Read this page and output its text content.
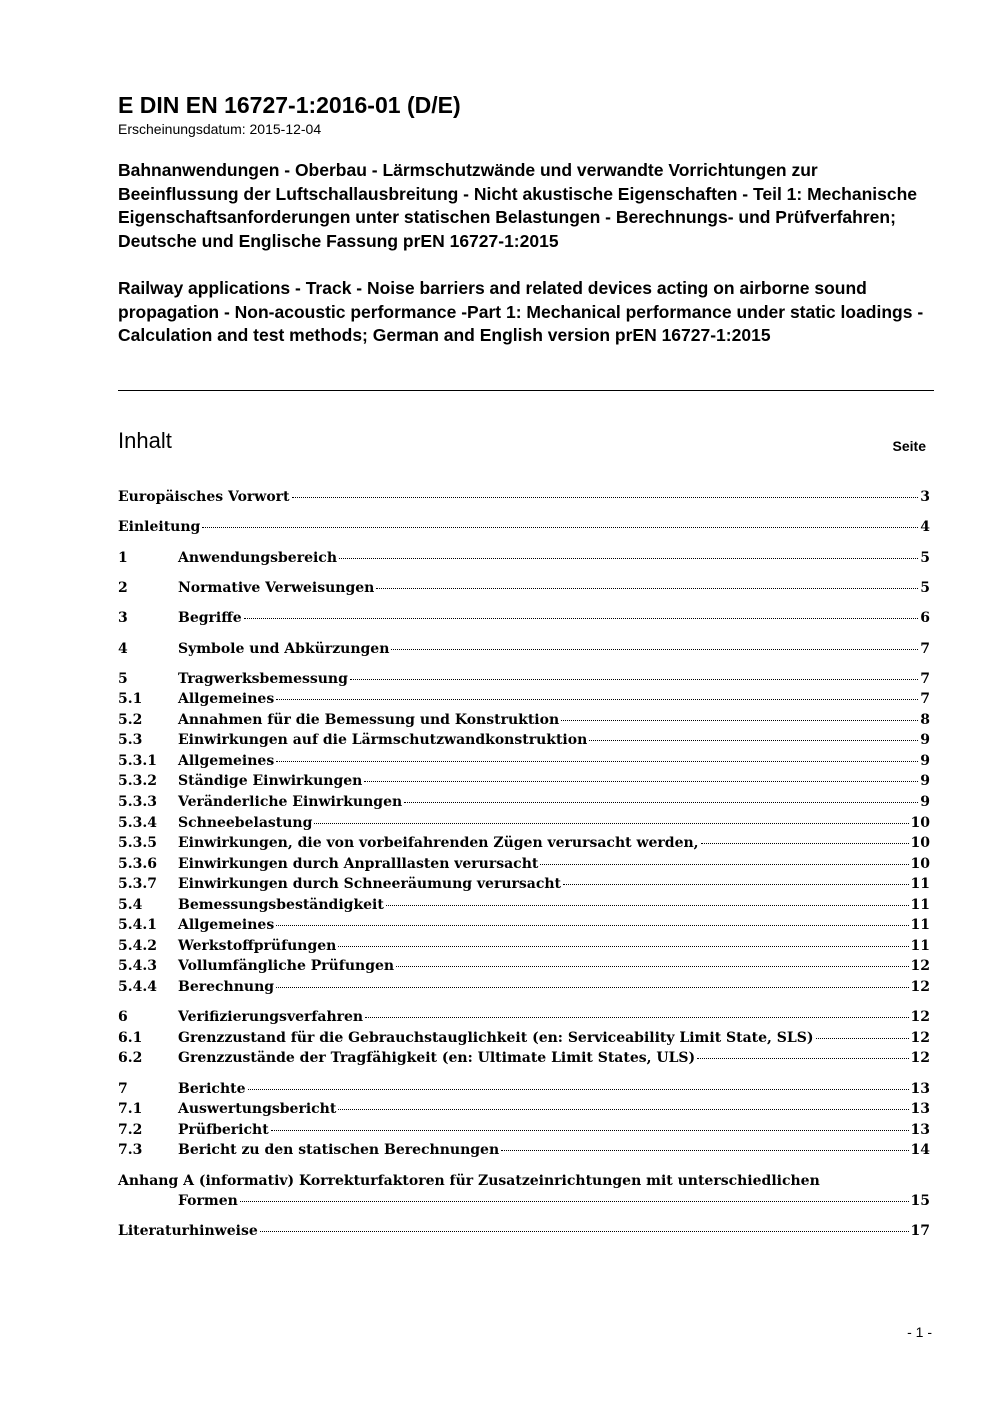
E DIN EN 16727-1:2016-01 (D/E)

Erscheinungsdatum: 2015-12-04

Bahnanwendungen - Oberbau - Lärmschutzwände und verwandte Vorrichtungen zur Beeinflussung der Luftschallausbreitung - Nicht akustische Eigenschaften - Teil 1: Mechanische Eigenschaftsanforderungen unter statischen Belastungen - Berechnungs- und Prüfverfahren; Deutsche und Englische Fassung prEN 16727-1:2015

Railway applications - Track - Noise barriers and related devices acting on airborne sound propagation - Non-acoustic performance -Part 1: Mechanical performance under static loadings - Calculation and test methods; German and English version prEN 16727-1:2015

Inhalt	Seite
Europäisches Vorwort	3
Einleitung	4
1	Anwendungsbereich	5
2	Normative Verweisungen	5
3	Begriffe	6
4	Symbole und Abkürzungen	7
5	Tragwerksbemessung	7
5.1	Allgemeines	7
5.2	Annahmen für die Bemessung und Konstruktion	8
5.3	Einwirkungen auf die Lärmschutzwandkonstruktion	9
5.3.1	Allgemeines	9
5.3.2	Ständige Einwirkungen	9
5.3.3	Veränderliche Einwirkungen	9
5.3.4	Schneebelastung	10
5.3.5	Einwirkungen, die von vorbeifahrenden Zügen verursacht werden,	10
5.3.6	Einwirkungen durch Anpralllasten verursacht	10
5.3.7	Einwirkungen durch Schneeräumung verursacht	11
5.4	Bemessungsbeständigkeit	11
5.4.1	Allgemeines	11
5.4.2	Werkstoffprüfungen	11
5.4.3	Vollumfängliche Prüfungen	12
5.4.4	Berechnung	12
6	Verifizierungsverfahren	12
6.1	Grenzzustand für die Gebrauchstauglichkeit (en: Serviceability Limit State, SLS)	12
6.2	Grenzzustände der Tragfähigkeit (en: Ultimate Limit States, ULS)	12
7	Berichte	13
7.1	Auswertungsbericht	13
7.2	Prüfbericht	13
7.3	Bericht zu den statischen Berechnungen	14
Anhang A (informativ) Korrekturfaktoren für Zusatzeinrichtungen mit unterschiedlichen
Formen	15
Literaturhinweise	17
- 1 -
